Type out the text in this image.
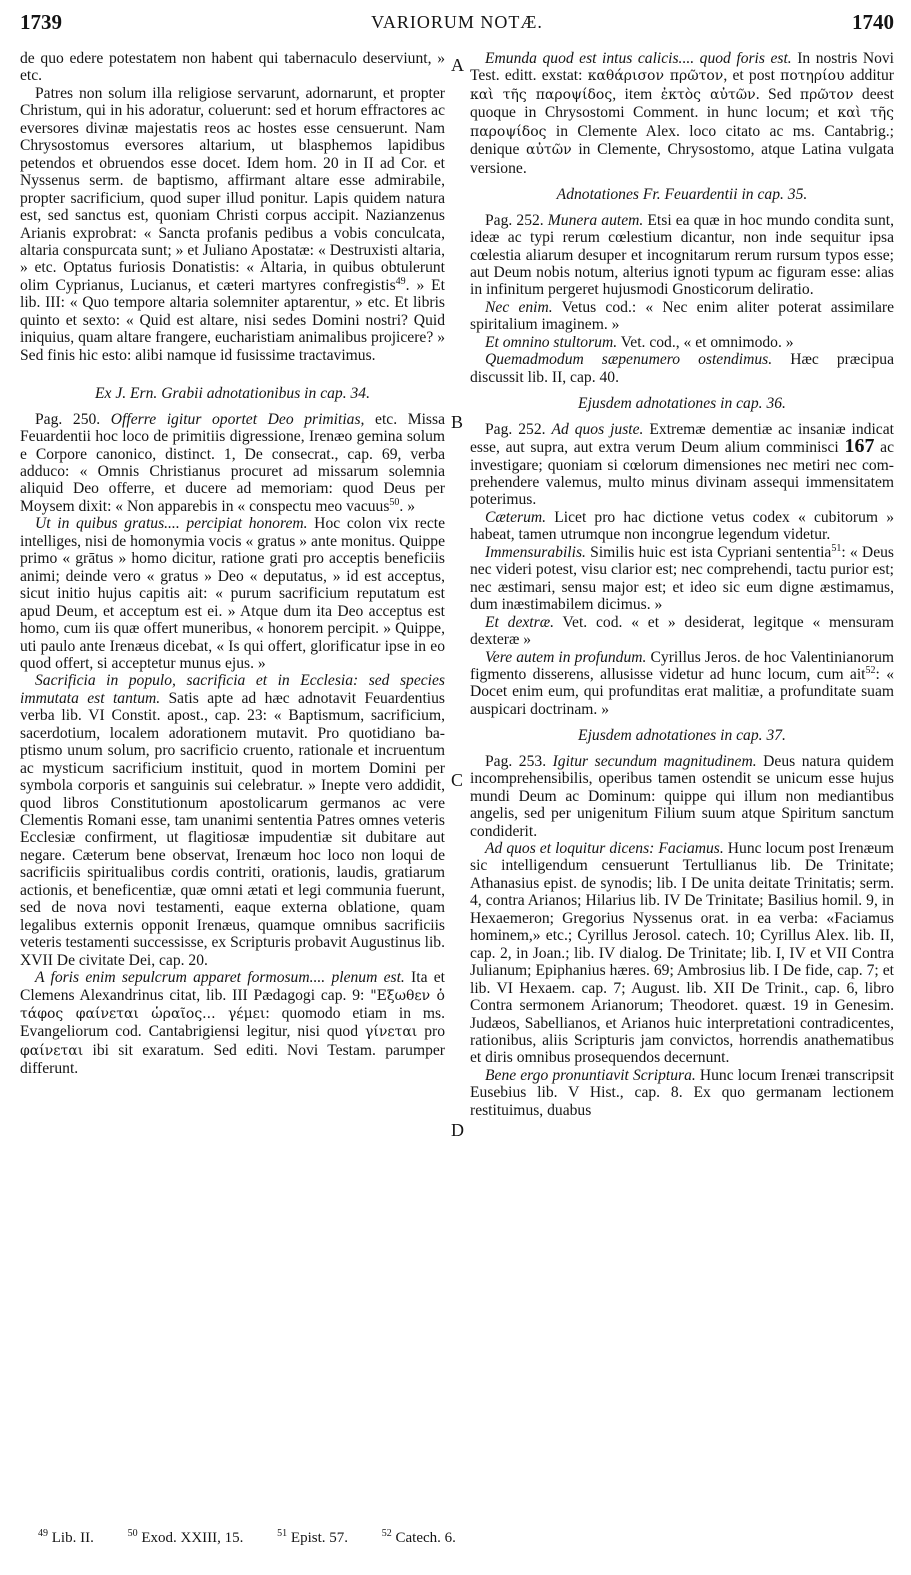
1739	VARIORUM NOTÆ.	1740
A
B
C
D

de quo edere potestatem non habent qui tabernaculo deserviunt, » etc.

Patres non solum illa religiose servarunt, adornarunt, et propter Christum, qui in his adoratur, coluerunt: sed et horum effractores ac eversores divinæ majestatis reos ac hostes esse censuerunt. Nam Chrysostomus eversores altarium, ut blasphemos lapidibus petendos et obruendos esse docet. Idem hom. 20 in II ad Cor. et Nyssenus serm. de baptismo, affirmant altare esse admirabile, propter sacrificium, quod super illud ponitur. Lapis quidem natura est, sed sanctus est, quoniam Christi corpus accipit. Nazianzenus Arianis exprobrat: « Sancta profanis pedibus a vobis conculcata, altaria conspurcata sunt; » et Juliano Apostatæ: « Destruxisti altaria, » etc. Optatus furiosis Donatistis: « Altaria, in quibus obtulerunt olim Cyprianus, Lucianus, et cæteri martyres confregistis$^{49}$. » Et lib. III: « Quo tempore altaria solemniter aptarentur, » etc. Et libris quinto et sexto: « Quid est altare, nisi sedes Domini nostri? Quid iniquius, quam altare frangere, eucharistiam animalibus projicere? » Sed finis hic esto: alibi namque id fusissime tractavimus.

Ex J. Ern. Grabii adnotationibus in cap. 34.

Pag. 250. Offerre igitur oportet Deo primitias, etc. Missa Feuardentii hoc loco de primitiis digressione, Irenæo gemina solum e Corpore canonico, distinct. 1, De consecrat., cap. 69, verba adduco: « Omnis Christianus procuret ad missarum solemnia aliquid Deo offerre, et ducere ad memoriam: quod Deus per Moysem dixit: « Non apparebis in « conspectu meo vacuus$^{50}$. »

Ut in quibus gratus.... percipiat honorem. Hoc colon vix recte intelliges, nisi de homonymia vocis « gratus » ante monitus. Quippe primo « grātus » homo dicitur, ratione grati pro acceptis beneficiis animi; deinde vero « gratus » Deo « deputatus, » id est acceptus, sicut initio hujus capitis ait: « purum sacrificium reputatum est apud Deum, et acceptum est ei. » Atque dum ita Deo acceptus est homo, cum iis quæ offert muneribus, « honorem percipit. » Quippe, uti paulo ante Irenæus dicebat, « Is qui offert, glorificatur ipse in eo quod offert, si acceptetur munus ejus. »

Sacrificia in populo, sacrificia et in Ecclesia: sed species immutata est tantum. Satis apte ad hæc adnotavit Feuardentius verba lib. VI Constit. apost., cap. 23: « Baptismum, sacrificium, sacerdotium, localem adorationem mutavit. Pro quotidiano baptismo unum solum, pro sacrificio cruento, rationale et incruentum ac mysticum sacrificium instituit, quod in mortem Domini per symbola corporis et sanguinis sui celebratur. » Inepte vero addidit, quod libros Constitutionum apostolicarum germanos ac vere Clementis Romani esse, tam unanimi sententia Patres omnes veteris Ecclesiæ confirment, ut flagitiosæ impudentiæ sit dubitare aut negare. Cæterum bene observat, Irenæum hoc loco non loqui de sacrificiis spiritualibus cordis contriti, orationis, laudis, gratiarum actionis, et beneficentiæ, quæ omni ætati et legi communia fuerunt, sed de nova novi testamenti, eaque externa oblatione, quam legalibus externis opponit Irenæus, quamque omnibus sacrificiis veteris testamenti successisse, ex Scripturis probavit Augustinus lib. XVII De civitate Dei, cap. 20.

A foris enim sepulcrum apparet formosum.... plenum est. Ita et Clemens Alexandrinus citat, lib. III Pædagogi cap. 9: "Εξωθεν ὁ τάφος φαίνεται ὡραῖος... γέμει: quomodo etiam in ms. Evangeliorum cod. Cantabrigiensi legitur, nisi quod γίνεται pro φαίνεται ibi sit exaratum. Sed editi. Novi Testam. parumper differunt.

Emunda quod est intus calicis.... quod foris est. In nostris Novi Test. editt. exstat: καθάρισον πρῶτον, et post ποτηρίου additur καὶ τῆς παροψίδος, item ἐκτὸς αὐτῶν. Sed πρῶτον deest quoque in Chrysostomi Comment. in hunc locum; et καὶ τῆς παροψίδος in Clemente Alex. loco citato ac ms. Cantabrig.; denique αὐτῶν in Clemente, Chrysostomo, atque Latina vulgata versione.

Adnotationes Fr. Feuardentii in cap. 35.

Pag. 252. Munera autem. Etsi ea quæ in hoc mundo condita sunt, ideæ ac typi rerum cœlestium dicantur, non inde sequitur ipsa cœlestia aliarum desuper et incognitarum rerum rursum typos esse; aut Deum nobis notum, alterius ignoti typum ac figuram esse: alias in infinitum pergeret hujusmodi Gnosticorum deliratio.

Nec enim. Vetus cod.: « Nec enim aliter poterat assimilare spiritalium imaginem. »

Et omnino stultorum. Vet. cod., « et omnimodo. »

Quemadmodum sæpenumero ostendimus. Hæc præcipua discussit lib. II, cap. 40.

Ejusdem adnotationes in cap. 36.

Pag. 252. Ad quos juste. Extremæ dementiæ ac insaniæ indicat esse, aut supra, aut extra verum Deum alium comminisci 167 ac investigare; quoniam si cœlorum dimensiones nec metiri nec comprehendere valemus, multo minus divinam assequi immensitatem poterimus.

Cæterum. Licet pro hac dictione vetus codex « cubitorum » habeat, tamen utrumque non incongrue legendum videtur.

Immensurabilis. Similis huic est ista Cypriani sententia$^{51}$: « Deus nec videri potest, visu clarior est; nec comprehendi, tactu purior est; nec æstimari, sensu major est; et ideo sic eum digne æstimamus, dum inæstimabilem dicimus. »

Et dextræ. Vet. cod. « et » desiderat, legitque « mensuram dexteræ »

Vere autem in profundum. Cyrillus Jeros. de hoc Valentinianorum figmento disserens, allusisse videtur ad hunc locum, cum ait$^{52}$: « Docet enim eum, qui profunditas erat malitiæ, a profunditate suam auspicari doctrinam. »

Ejusdem adnotationes in cap. 37.

Pag. 253. Igitur secundum magnitudinem. Deus natura quidem incomprehensibilis, operibus tamen ostendit se unicum esse hujus mundi Deum ac Dominum: quippe qui illum non mediantibus angelis, sed per unigenitum Filium suum atque Spiritum sanctum condiderit.

Ad quos et loquitur dicens: Faciamus. Hunc locum post Irenæum sic intelligendum censuerunt Tertullianus lib. De Trinitate; Athanasius epist. de synodis; lib. I De unita deitate Trinitatis; serm. 4, contra Arianos; Hilarius lib. IV De Trinitate; Basilius homil. 9, in Hexaemeron; Gregorius Nyssenus orat. in ea verba: «Faciamus hominem,» etc.; Cyrillus Jerosol. catech. 10; Cyrillus Alex. lib. II, cap. 2, in Joan.; lib. IV dialog. De Trinitate; lib. I, IV et VII Contra Julianum; Epiphanius hæres. 69; Ambrosius lib. I De fide, cap. 7; et lib. VI Hexaem. cap. 7; August. lib. XII De Trinit., cap. 6, libro Contra sermonem Arianorum; Theodoret. quæst. 19 in Genesim. Judæos, Sabellianos, et Arianos huic interpretationi contradicentes, rationibus, aliis Scripturis jam convictos, horrendis anathematibus et diris omnibus prosequendos decernunt.

Bene ergo pronuntiavit Scriptura. Hunc locum Irenæi transcripsit Eusebius lib. V Hist., cap. 8. Ex quo germanam lectionem restituimus, duabus

$^{49}$ Lib. II.	$^{50}$ Exod. XXIII, 15.	$^{51}$ Epist. 57.	$^{52}$ Catech. 6.
